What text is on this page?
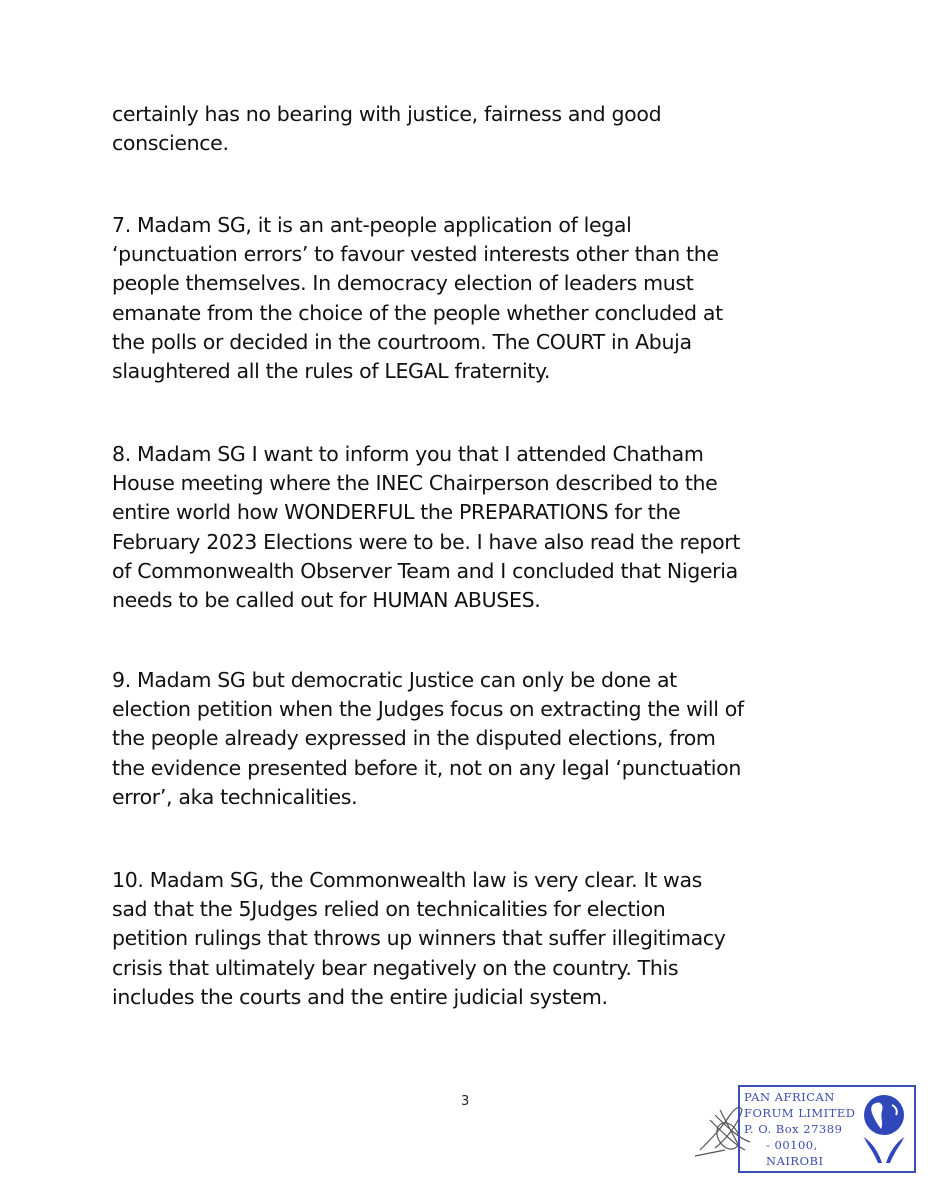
certainly has no bearing with justice, fairness and good
conscience.
7. Madam SG, it is an ant-people application of legal
‘punctuation errors’ to favour vested interests other than the
people themselves. In democracy election of leaders must
emanate from the choice of the people whether concluded at
the polls or decided in the courtroom. The COURT in Abuja
slaughtered all the rules of LEGAL fraternity.
8. Madam SG I want to inform you that I attended Chatham
House meeting where the INEC Chairperson described to the
entire world how WONDERFUL the PREPARATIONS for the
February 2023 Elections were to be. I have also read the report
of Commonwealth Observer Team and I concluded that Nigeria
needs to be called out for HUMAN ABUSES.
9. Madam SG but democratic Justice can only be done at
election petition when the Judges focus on extracting the will of
the people already expressed in the disputed elections, from
the evidence presented before it, not on any legal ‘punctuation
error’, aka technicalities.
10. Madam SG, the Commonwealth law is very clear. It was
sad that the 5Judges relied on technicalities for election
petition rulings that throws up winners that suffer illegitimacy
crisis that ultimately bear negatively on the country. This
includes the courts and the entire judicial system.
3	PAN AFRICAN
FORUM LIMITED
P. O. Box 27389
- 00100,
NAIROBI
